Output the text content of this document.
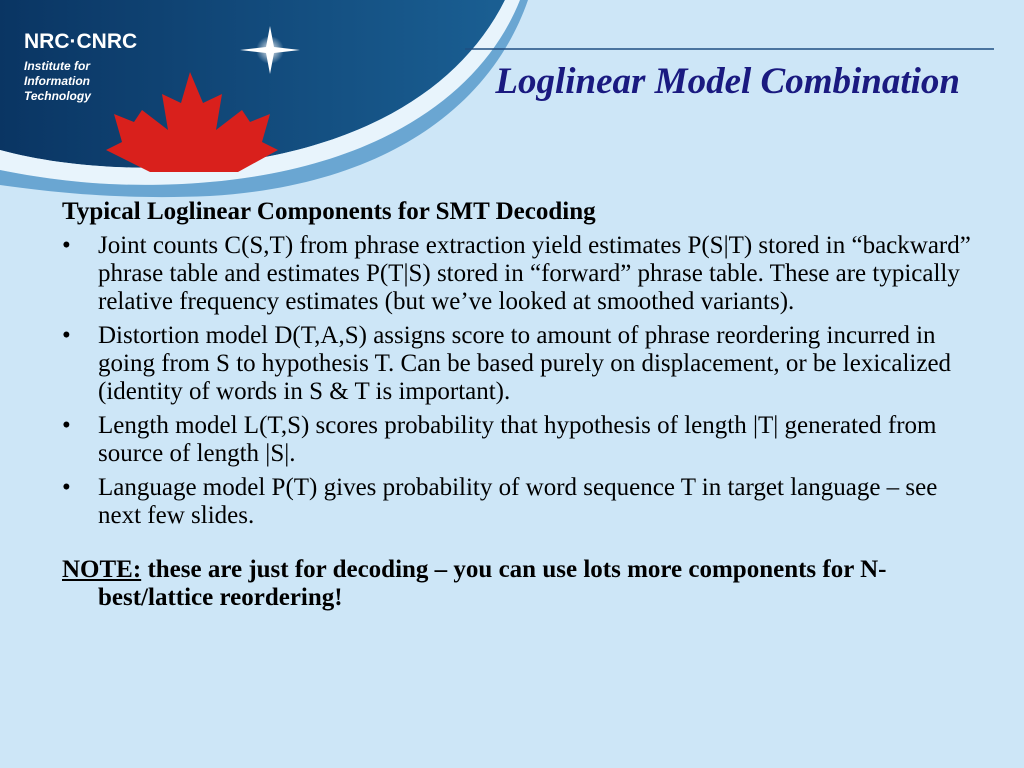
NRC·CNRC
Institute for
Information
Technology	Loglinear Model Combination
Typical Loglinear Components for SMT Decoding
• Joint counts C(S,T) from phrase extraction yield estimates P(S|T) stored in “backward” phrase table and estimates P(T|S) stored in “forward” phrase table. These are typically relative frequency estimates (but we’ve looked at smoothed variants).
• Distortion model D(T,A,S) assigns score to amount of phrase reordering incurred in going from S to hypothesis T. Can be based purely on displacement, or be lexicalized (identity of words in S & T is important).
• Length model L(T,S) scores probability that hypothesis of length |T| generated from source of length |S|.
• Language model P(T) gives probability of word sequence T in target language – see next few slides.
NOTE: these are just for decoding – you can use lots more components for N-best/lattice reordering!
